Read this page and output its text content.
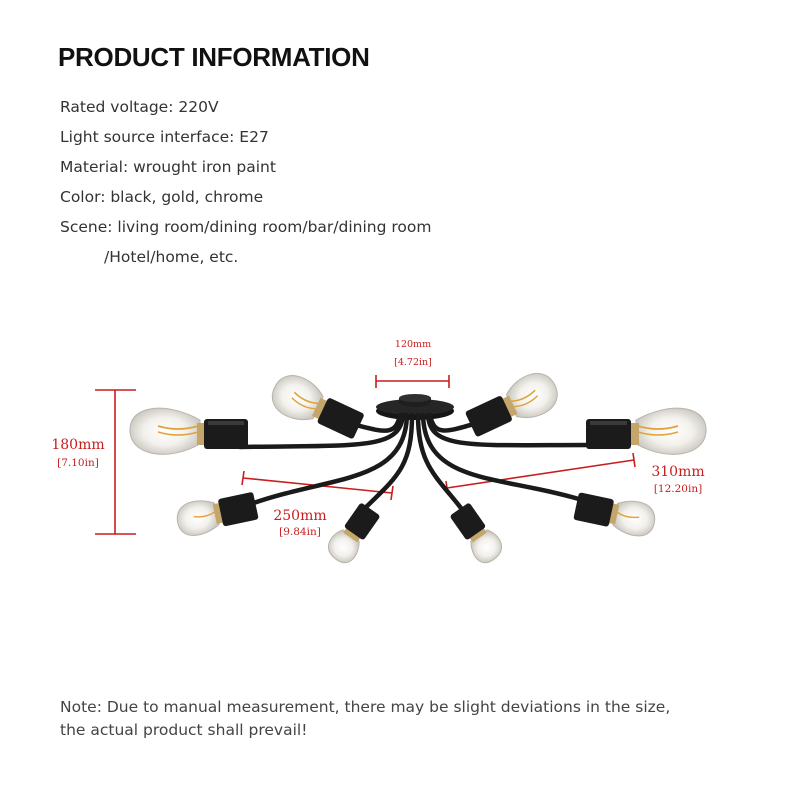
PRODUCT INFORMATION
Rated voltage: 220V
Light source interface: E27
Material: wrought iron paint
Color: black, gold, chrome
Scene: living room/dining room/bar/dining room
/Hotel/home, etc.
120mm
[4.72in]
180mm
[7.10in]
250mm
[9.84in]
310mm
[12.20in]
Note: Due to manual measurement, there may be slight deviations in the size,
the actual product shall prevail!
